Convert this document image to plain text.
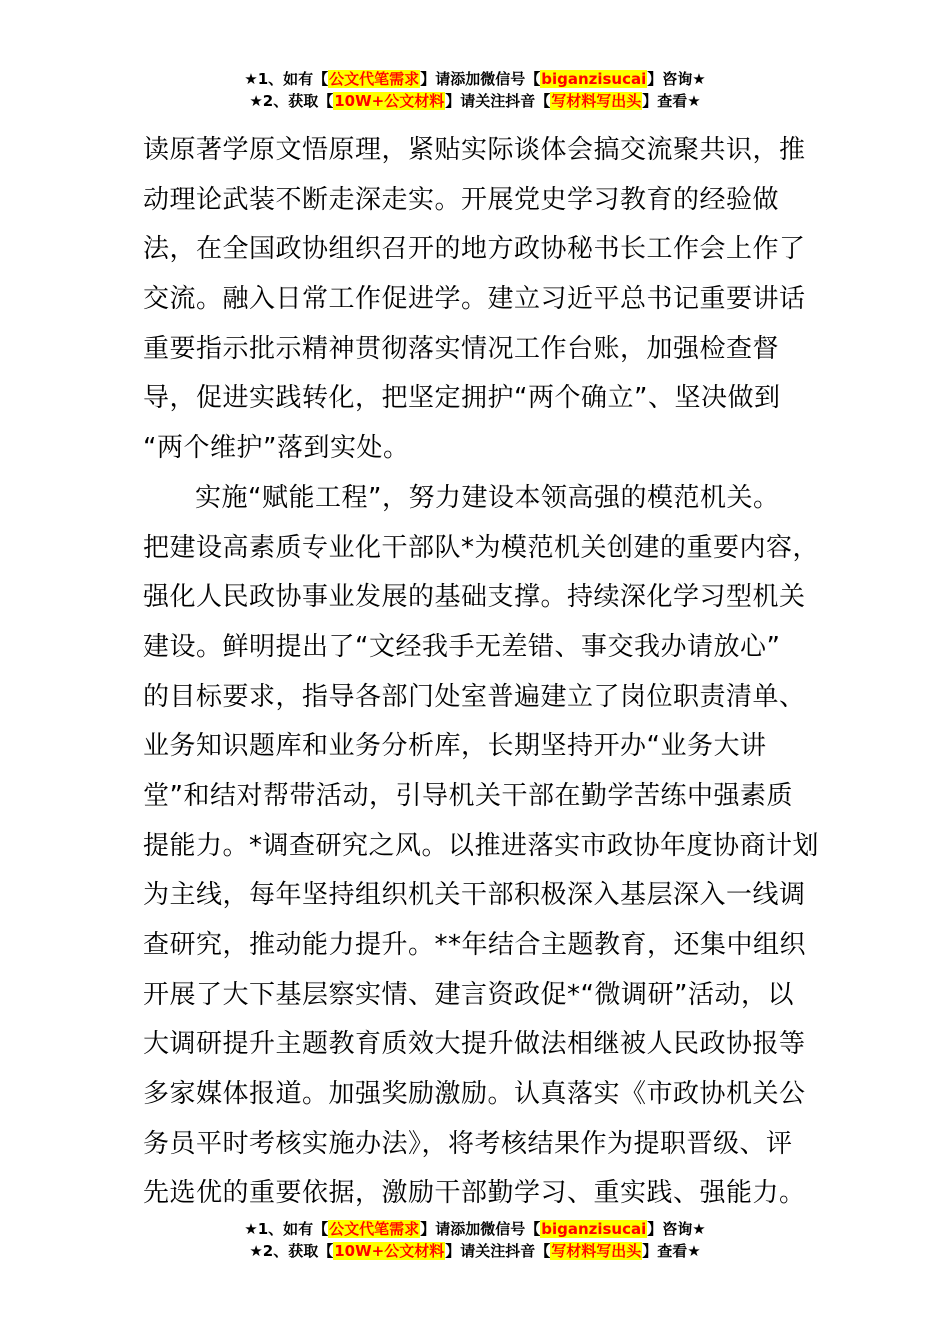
★1、如有【公文代笔需求】请添加微信号【biganzisucai】咨询★
★2、获取【10W+公文材料】请关注抖音【写材料写出头】查看★
读原著学原文悟原理，紧贴实际谈体会搞交流聚共识，推
动理论武装不断走深走实。开展党史学习教育的经验做
法，在全国政协组织召开的地方政协秘书长工作会上作了
交流。融入日常工作促进学。建立习近平总书记重要讲话
重要指示批示精神贯彻落实情况工作台账，加强检查督
导，促进实践转化，把坚定拥护“两个确立”、坚决做到
“两个维护”落到实处。
实施“赋能工程”，努力建设本领高强的模范机关。
把建设高素质专业化干部队*为模范机关创建的重要内容，
强化人民政协事业发展的基础支撑。持续深化学习型机关
建设。鲜明提出了“文经我手无差错、事交我办请放心”
的目标要求，指导各部门处室普遍建立了岗位职责清单、
业务知识题库和业务分析库，长期坚持开办“业务大讲
堂”和结对帮带活动，引导机关干部在勤学苦练中强素质
提能力。*调查研究之风。以推进落实市政协年度协商计划
为主线，每年坚持组织机关干部积极深入基层深入一线调
查研究，推动能力提升。**年结合主题教育，还集中组织
开展了大下基层察实情、建言资政促*“微调研”活动，以
大调研提升主题教育质效大提升做法相继被人民政协报等
多家媒体报道。加强奖励激励。认真落实《市政协机关公
务员平时考核实施办法》，将考核结果作为提职晋级、评
先选优的重要依据，激励干部勤学习、重实践、强能力。
★1、如有【公文代笔需求】请添加微信号【biganzisucai】咨询★
★2、获取【10W+公文材料】请关注抖音【写材料写出头】查看★
